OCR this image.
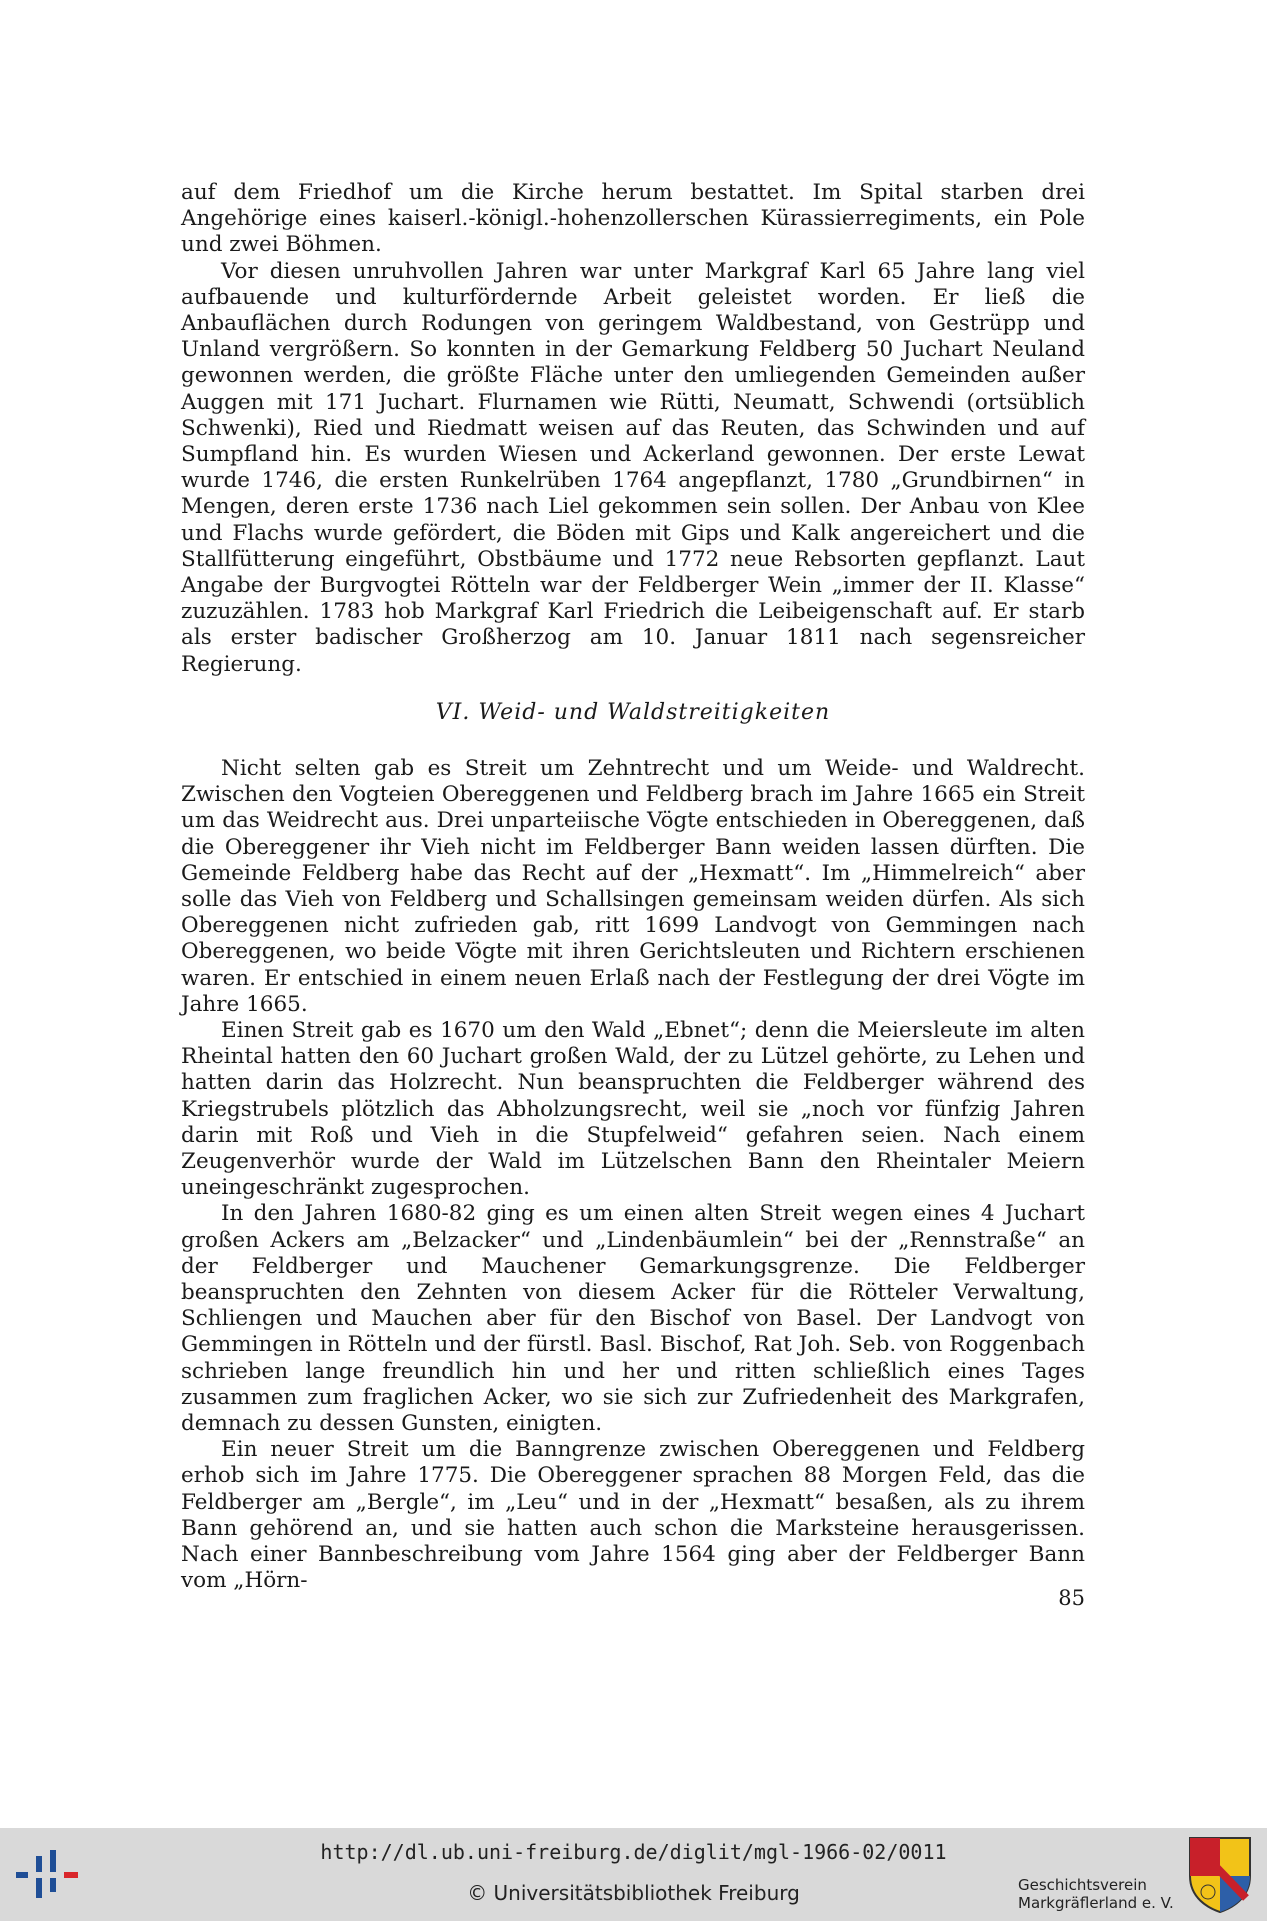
auf dem Friedhof um die Kirche herum bestattet. Im Spital starben drei Angehörige eines kaiserl.-königl.-hohenzollerschen Kürassierregiments, ein Pole und zwei Böhmen.

Vor diesen unruhvollen Jahren war unter Markgraf Karl 65 Jahre lang viel aufbauende und kulturfördernde Arbeit geleistet worden. Er ließ die Anbauflächen durch Rodungen von geringem Waldbestand, von Gestrüpp und Unland vergrößern. So konnten in der Gemarkung Feldberg 50 Juchart Neuland gewonnen werden, die größte Fläche unter den umliegenden Gemeinden außer Auggen mit 171 Juchart. Flurnamen wie Rütti, Neumatt, Schwendi (ortsüblich Schwenki), Ried und Riedmatt weisen auf das Reuten, das Schwinden und auf Sumpfland hin. Es wurden Wiesen und Ackerland gewonnen. Der erste Lewat wurde 1746, die ersten Runkelrüben 1764 angepflanzt, 1780 „Grundbirnen“ in Mengen, deren erste 1736 nach Liel gekommen sein sollen. Der Anbau von Klee und Flachs wurde gefördert, die Böden mit Gips und Kalk angereichert und die Stallfütterung eingeführt, Obstbäume und 1772 neue Rebsorten gepflanzt. Laut Angabe der Burgvogtei Rötteln war der Feldberger Wein „immer der II. Klasse“ zuzuzählen. 1783 hob Markgraf Karl Friedrich die Leibeigenschaft auf. Er starb als erster badischer Großherzog am 10. Januar 1811 nach segensreicher Regierung.

VI. Weid- und Waldstreitigkeiten

Nicht selten gab es Streit um Zehntrecht und um Weide- und Waldrecht. Zwischen den Vogteien Obereggenen und Feldberg brach im Jahre 1665 ein Streit um das Weidrecht aus. Drei unparteiische Vögte entschieden in Obereggenen, daß die Obereggener ihr Vieh nicht im Feldberger Bann weiden lassen dürften. Die Gemeinde Feldberg habe das Recht auf der „Hexmatt“. Im „Himmelreich“ aber solle das Vieh von Feldberg und Schallsingen gemeinsam weiden dürfen. Als sich Obereggenen nicht zufrieden gab, ritt 1699 Landvogt von Gemmingen nach Obereggenen, wo beide Vögte mit ihren Gerichtsleuten und Richtern erschienen waren. Er entschied in einem neuen Erlaß nach der Festlegung der drei Vögte im Jahre 1665.

Einen Streit gab es 1670 um den Wald „Ebnet“; denn die Meiersleute im alten Rheintal hatten den 60 Juchart großen Wald, der zu Lützel gehörte, zu Lehen und hatten darin das Holzrecht. Nun beanspruchten die Feldberger während des Kriegstrubels plötzlich das Abholzungsrecht, weil sie „noch vor fünfzig Jahren darin mit Roß und Vieh in die Stupfelweid“ gefahren seien. Nach einem Zeugenverhör wurde der Wald im Lützelschen Bann den Rheintaler Meiern uneingeschränkt zugesprochen.

In den Jahren 1680-82 ging es um einen alten Streit wegen eines 4 Juchart großen Ackers am „Belzacker“ und „Lindenbäumlein“ bei der „Rennstraße“ an der Feldberger und Mauchener Gemarkungsgrenze. Die Feldberger beanspruchten den Zehnten von diesem Acker für die Rötteler Verwaltung, Schliengen und Mauchen aber für den Bischof von Basel. Der Landvogt von Gemmingen in Rötteln und der fürstl. Basl. Bischof, Rat Joh. Seb. von Roggenbach schrieben lange freundlich hin und her und ritten schließlich eines Tages zusammen zum fraglichen Acker, wo sie sich zur Zufriedenheit des Markgrafen, demnach zu dessen Gunsten, einigten.

Ein neuer Streit um die Banngrenze zwischen Obereggenen und Feldberg erhob sich im Jahre 1775. Die Obereggener sprachen 88 Morgen Feld, das die Feldberger am „Bergle“, im „Leu“ und in der „Hexmatt“ besaßen, als zu ihrem Bann gehörend an, und sie hatten auch schon die Marksteine herausgerissen. Nach einer Bannbeschreibung vom Jahre 1564 ging aber der Feldberger Bann vom „Hörn-

85
http://dl.ub.uni-freiburg.de/diglit/mgl-1966-02/0011
© Universitätsbibliothek Freiburg	Geschichtsverein
Markgräflerland e. V.
